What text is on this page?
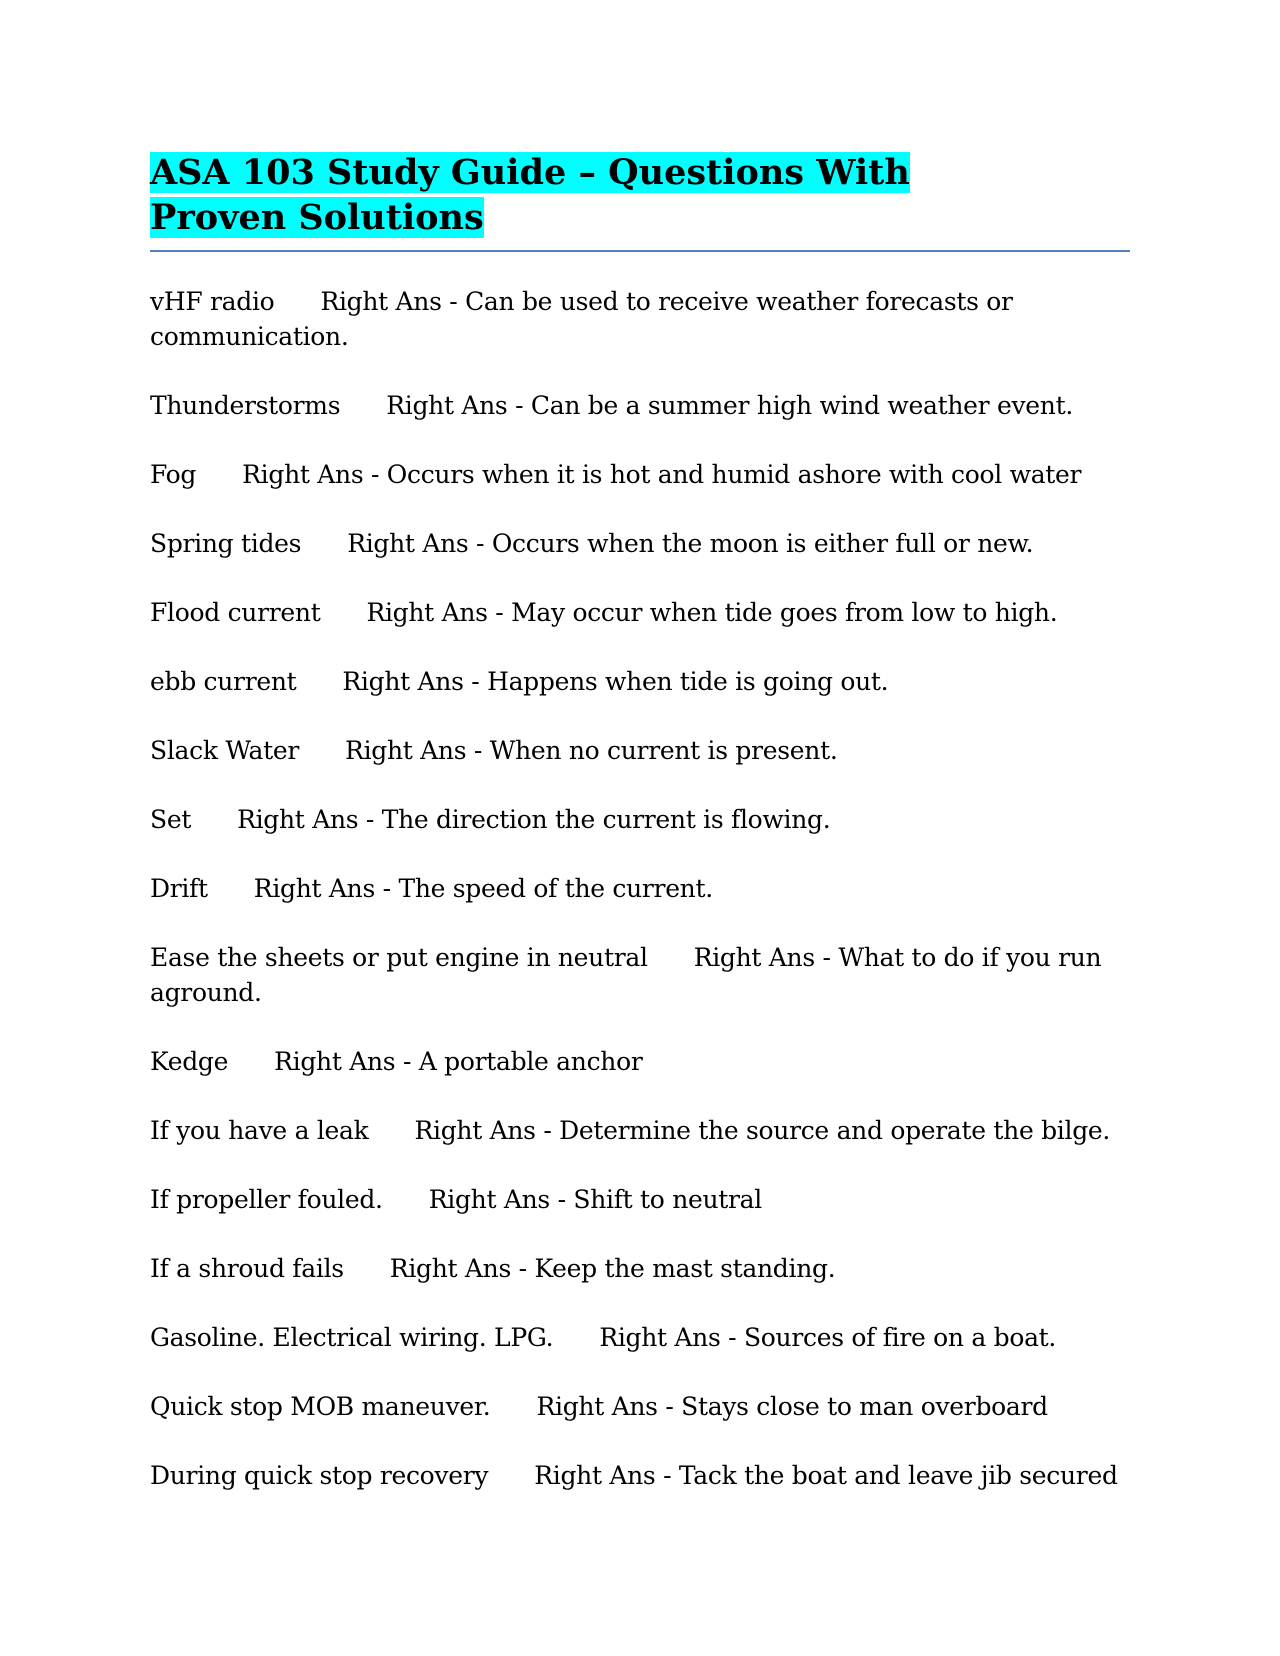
ASA 103 Study Guide – Questions With Proven Solutions

vHF radio Right Ans - Can be used to receive weather forecasts or communication.

Thunderstorms Right Ans - Can be a summer high wind weather event.

Fog Right Ans - Occurs when it is hot and humid ashore with cool water

Spring tides Right Ans - Occurs when the moon is either full or new.

Flood current Right Ans - May occur when tide goes from low to high.

ebb current Right Ans - Happens when tide is going out.

Slack Water Right Ans - When no current is present.

Set Right Ans - The direction the current is flowing.

Drift Right Ans - The speed of the current.

Ease the sheets or put engine in neutral Right Ans - What to do if you run aground.

Kedge Right Ans - A portable anchor

If you have a leak Right Ans - Determine the source and operate the bilge.

If propeller fouled. Right Ans - Shift to neutral

If a shroud fails Right Ans - Keep the mast standing.

Gasoline. Electrical wiring. LPG. Right Ans - Sources of fire on a boat.

Quick stop MOB maneuver. Right Ans - Stays close to man overboard

During quick stop recovery Right Ans - Tack the boat and leave jib secured
